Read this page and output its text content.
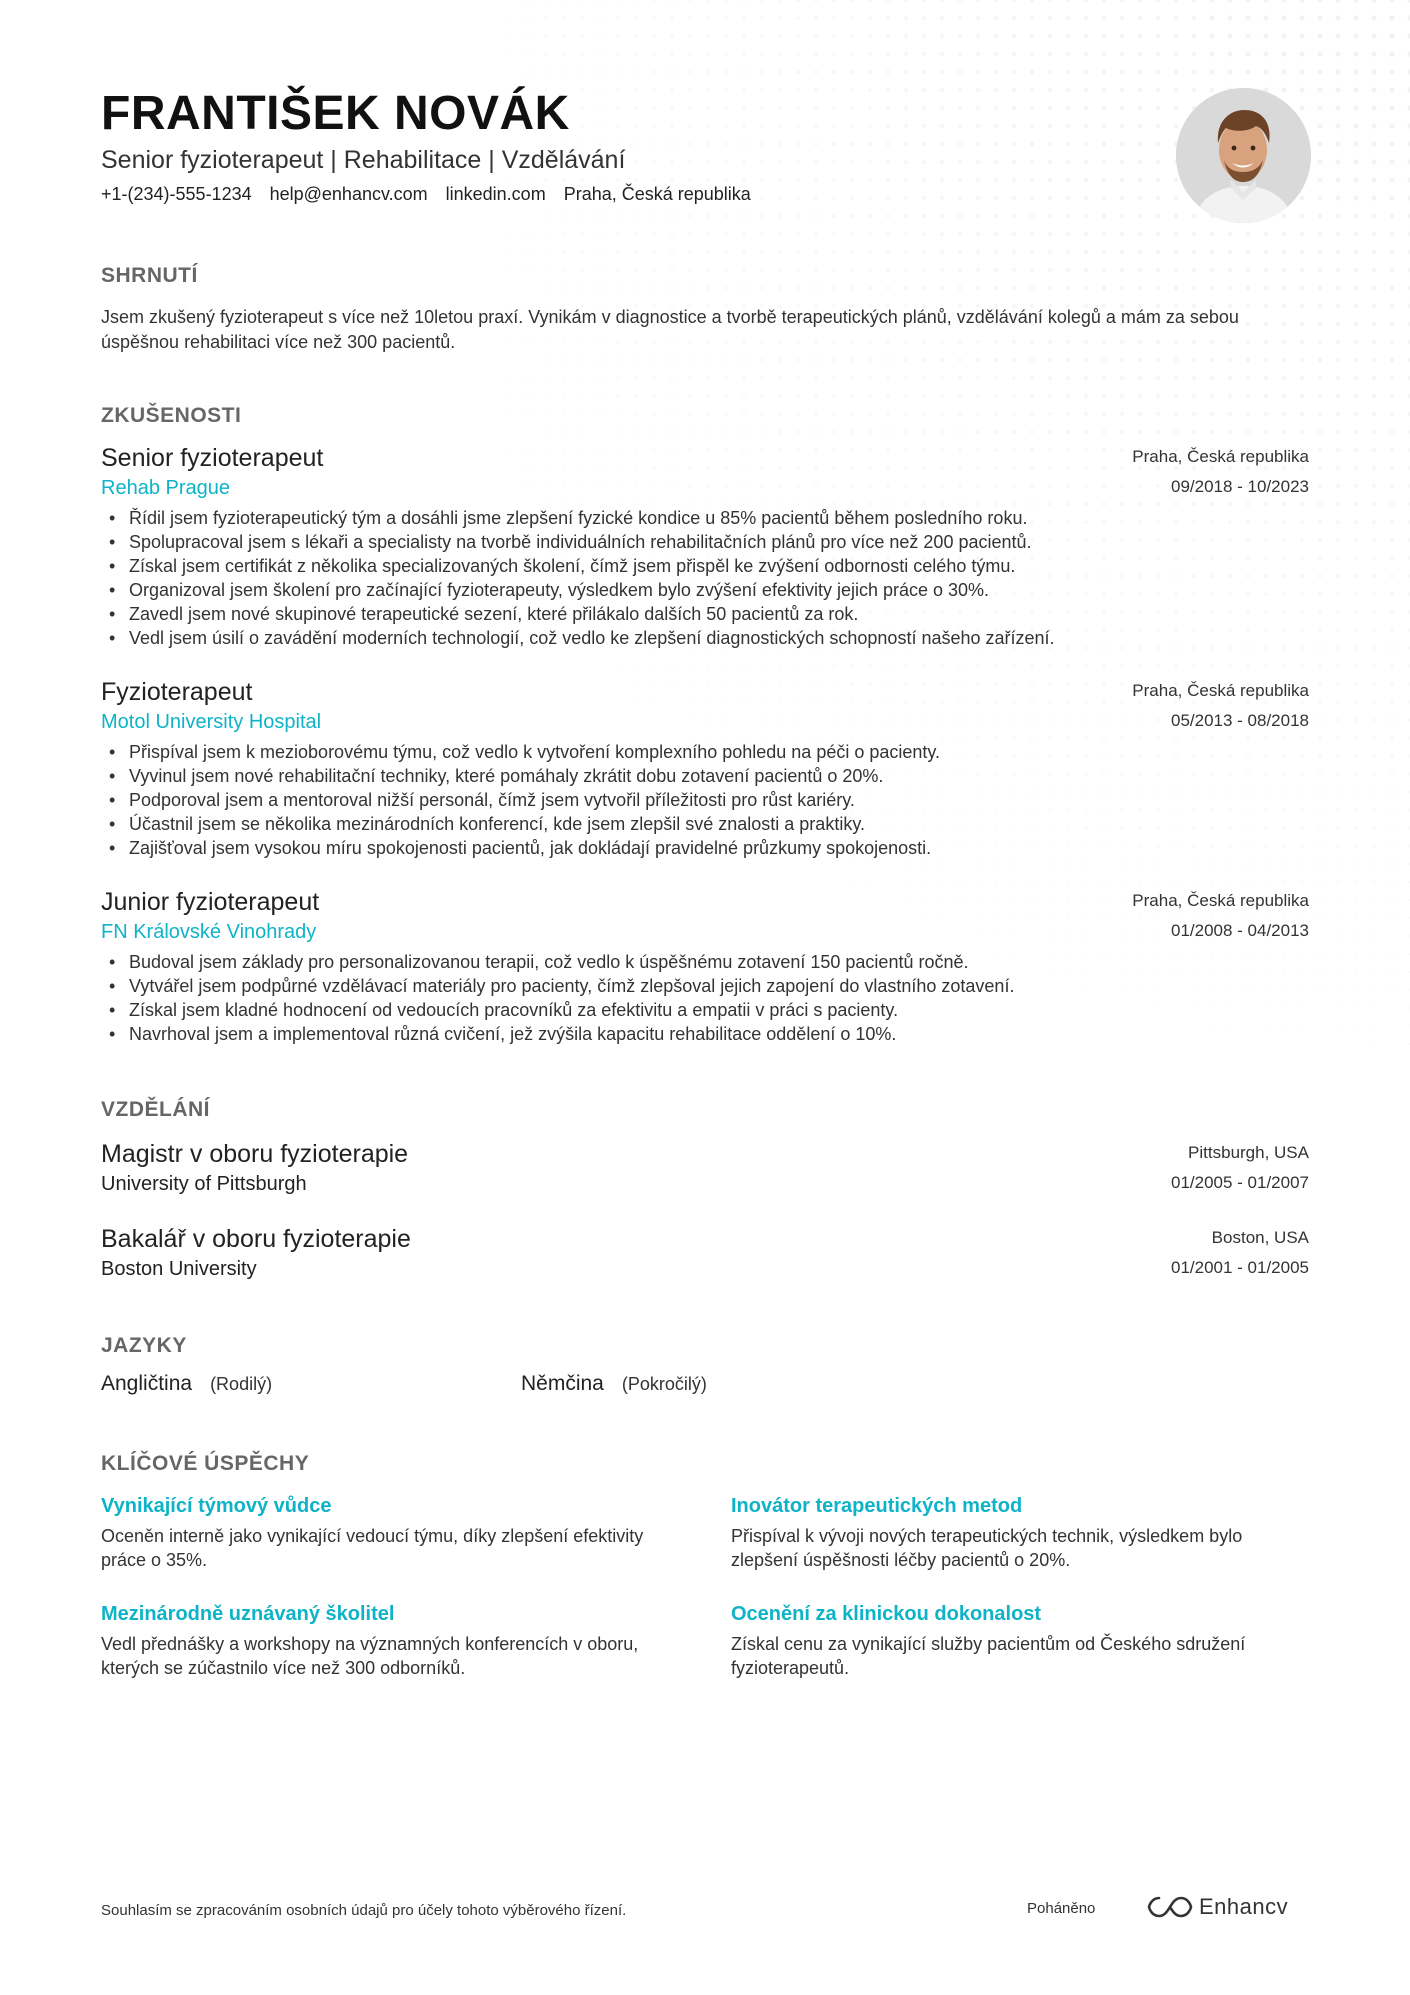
FRANTIŠEK NOVÁK
Senior fyzioterapeut | Rehabilitace | Vzdělávání
+1-(234)-555-1234 help@enhancv.com linkedin.com Praha, Česká republika
SHRNUTÍ
Jsem zkušený fyzioterapeut s více než 10letou praxí. Vynikám v diagnostice a tvorbě terapeutických plánů, vzdělávání kolegů a mám za sebou úspěšnou rehabilitaci více než 300 pacientů.
ZKUŠENOSTI
Senior fyzioterapeut
Rehab Prague
Praha, Česká republika
09/2018 - 10/2023
• Řídil jsem fyzioterapeutický tým a dosáhli jsme zlepšení fyzické kondice u 85% pacientů během posledního roku.
• Spolupracoval jsem s lékaři a specialisty na tvorbě individuálních rehabilitačních plánů pro více než 200 pacientů.
• Získal jsem certifikát z několika specializovaných školení, čímž jsem přispěl ke zvýšení odbornosti celého týmu.
• Organizoval jsem školení pro začínající fyzioterapeuty, výsledkem bylo zvýšení efektivity jejich práce o 30%.
• Zavedl jsem nové skupinové terapeutické sezení, které přilákalo dalších 50 pacientů za rok.
• Vedl jsem úsilí o zavádění moderních technologií, což vedlo ke zlepšení diagnostických schopností našeho zařízení.
Fyzioterapeut
Motol University Hospital
Praha, Česká republika
05/2013 - 08/2018
• Přispíval jsem k mezioborovému týmu, což vedlo k vytvoření komplexního pohledu na péči o pacienty.
• Vyvinul jsem nové rehabilitační techniky, které pomáhaly zkrátit dobu zotavení pacientů o 20%.
• Podporoval jsem a mentoroval nižší personál, čímž jsem vytvořil příležitosti pro růst kariéry.
• Účastnil jsem se několika mezinárodních konferencí, kde jsem zlepšil své znalosti a praktiky.
• Zajišťoval jsem vysokou míru spokojenosti pacientů, jak dokládají pravidelné průzkumy spokojenosti.
Junior fyzioterapeut
FN Královské Vinohrady
Praha, Česká republika
01/2008 - 04/2013
• Budoval jsem základy pro personalizovanou terapii, což vedlo k úspěšnému zotavení 150 pacientů ročně.
• Vytvářel jsem podpůrné vzdělávací materiály pro pacienty, čímž zlepšoval jejich zapojení do vlastního zotavení.
• Získal jsem kladné hodnocení od vedoucích pracovníků za efektivitu a empatii v práci s pacienty.
• Navrhoval jsem a implementoval různá cvičení, jež zvýšila kapacitu rehabilitace oddělení o 10%.
VZDĚLÁNÍ
Magistr v oboru fyzioterapie
University of Pittsburgh
Pittsburgh, USA
01/2005 - 01/2007
Bakalář v oboru fyzioterapie
Boston University
Boston, USA
01/2001 - 01/2005
JAZYKY
Angličtina (Rodilý)	Němčina (Pokročilý)
KLÍČOVÉ ÚSPĚCHY
Vynikající týmový vůdce
Oceněn interně jako vynikající vedoucí týmu, díky zlepšení efektivity práce o 35%.
Inovátor terapeutických metod
Přispíval k vývoji nových terapeutických technik, výsledkem bylo zlepšení úspěšnosti léčby pacientů o 20%.
Mezinárodně uznávaný školitel
Vedl přednášky a workshopy na významných konferencích v oboru, kterých se zúčastnilo více než 300 odborníků.
Ocenění za klinickou dokonalost
Získal cenu za vynikající služby pacientům od Českého sdružení fyzioterapeutů.
Souhlasím se zpracováním osobních údajů pro účely tohoto výběrového řízení.	Poháněno	Enhancv
